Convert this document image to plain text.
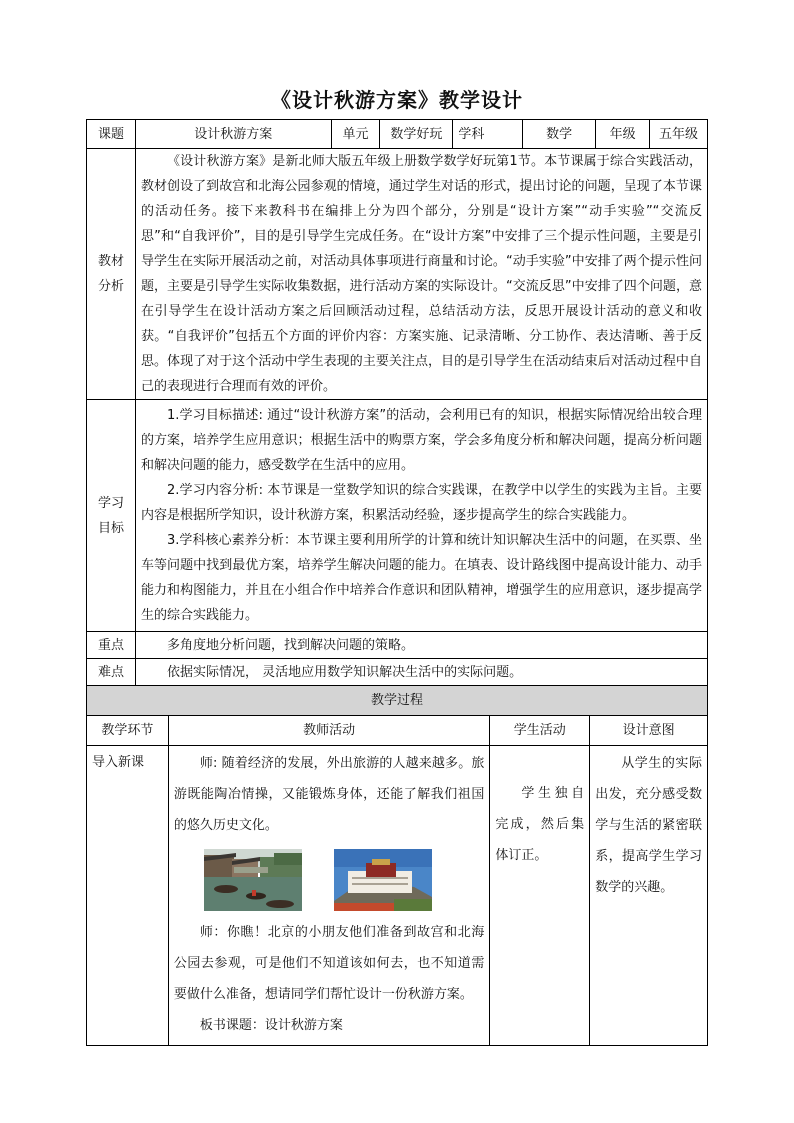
《设计秋游方案》教学设计
课题	设计秋游方案	单元	数学好玩	学科	数学	年级	五年级
教材分析	《设计秋游方案》是新北师大版五年级上册数学数学好玩第1节。本节课属于综合实践活动，教材创设了到故宫和北海公园参观的情境，通过学生对话的形式，提出讨论的问题，呈现了本节课的活动任务。接下来教科书在编排上分为四个部分，分别是“设计方案”“动手实验”“交流反思”和“自我评价”，目的是引导学生完成任务。在“设计方案”中安排了三个提示性问题，主要是引导学生在实际开展活动之前，对活动具体事项进行商量和讨论。“动手实验”中安排了两个提示性问题，主要是引导学生实际收集数据，进行活动方案的实际设计。“交流反思”中安排了四个问题，意在引导学生在设计活动方案之后回顾活动过程，总结活动方法，反思开展设计活动的意义和收获。“自我评价”包括五个方面的评价内容：方案实施、记录清晰、分工协作、表达清晰、善于反思。体现了对于这个活动中学生表现的主要关注点，目的是引导学生在活动结束后对活动过程中自己的表现进行合理而有效的评价。						
学习目标	1.学习目标描述: 通过“设计秋游方案”的活动，会利用已有的知识，根据实际情况给出较合理的方案，培养学生应用意识；根据生活中的购票方案，学会多角度分析和解决问题，提高分析问题和解决问题的能力，感受数学在生活中的应用。
2.学习内容分析: 本节课是一堂数学知识的综合实践课，在教学中以学生的实践为主旨。主要内容是根据所学知识，设计秋游方案，积累活动经验，逐步提高学生的综合实践能力。
3.学科核心素养分析：本节课主要利用所学的计算和统计知识解决生活中的问题，在买票、坐车等问题中找到最优方案，培养学生解决问题的能力。在填表、设计路线图中提高设计能力、动手能力和构图能力，并且在小组合作中培养合作意识和团队精神，增强学生的应用意识，逐步提高学生的综合实践能力。						

重点	多角度地分析问题，找到解决问题的策略。						
难点	依据实际情况， 灵活地应用数学知识解决生活中的实际问题。						
教学过程			
教学环节	教师活动	学生活动	设计意图
导入新课	师: 随着经济的发展，外出旅游的人越来越多。旅游既能陶冶情操，又能锻炼身体，还能了解我们祖国的悠久历史文化。

师：你瞧！北京的小朋友他们准备到故宫和北海公园去参观，可是他们不知道该如何去，也不知道需要做什么准备，想请同学们帮忙设计一份秋游方案。
板书课题：设计秋游方案	学生独自完成，然后集体订正。	从学生的实际出发，充分感受数学与生活的紧密联系，提高学生学习数学的兴趣。
